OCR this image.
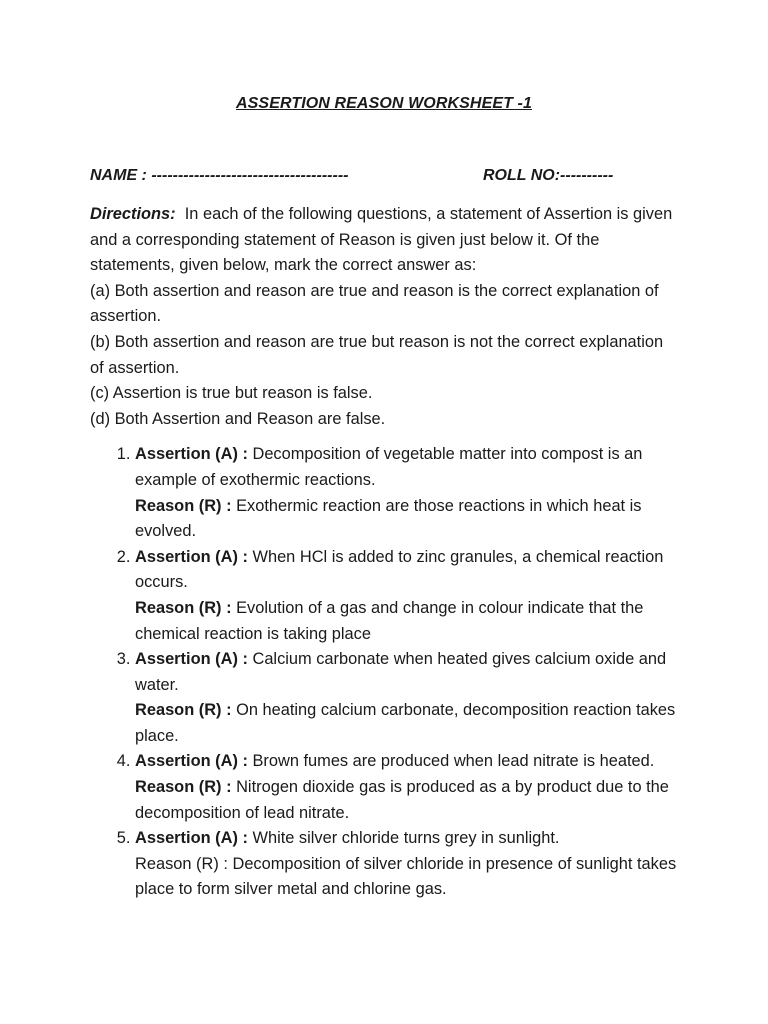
ASSERTION REASON WORKSHEET -1
NAME : -------------------------------------	ROLL NO:----------

Directions: In each of the following questions, a statement of Assertion is given and a corresponding statement of Reason is given just below it. Of the statements, given below, mark the correct answer as:

(a) Both assertion and reason are true and reason is the correct explanation of assertion.

(b) Both assertion and reason are true but reason is not the correct explanation of assertion.

(c) Assertion is true but reason is false.

(d) Both Assertion and Reason are false.

1. Assertion (A) : Decomposition of vegetable matter into compost is an example of exothermic reactions.
Reason (R) : Exothermic reaction are those reactions in which heat is evolved.
2. Assertion (A) : When HCl is added to zinc granules, a chemical reaction occurs.
Reason (R) : Evolution of a gas and change in colour indicate that the chemical reaction is taking place
3. Assertion (A) : Calcium carbonate when heated gives calcium oxide and water.
Reason (R) : On heating calcium carbonate, decomposition reaction takes place.
4. Assertion (A) : Brown fumes are produced when lead nitrate is heated.
Reason (R) : Nitrogen dioxide gas is produced as a by product due to the decomposition of lead nitrate.
5. Assertion (A) : White silver chloride turns grey in sunlight.
Reason (R) : Decomposition of silver chloride in presence of sunlight takes place to form silver metal and chlorine gas.
